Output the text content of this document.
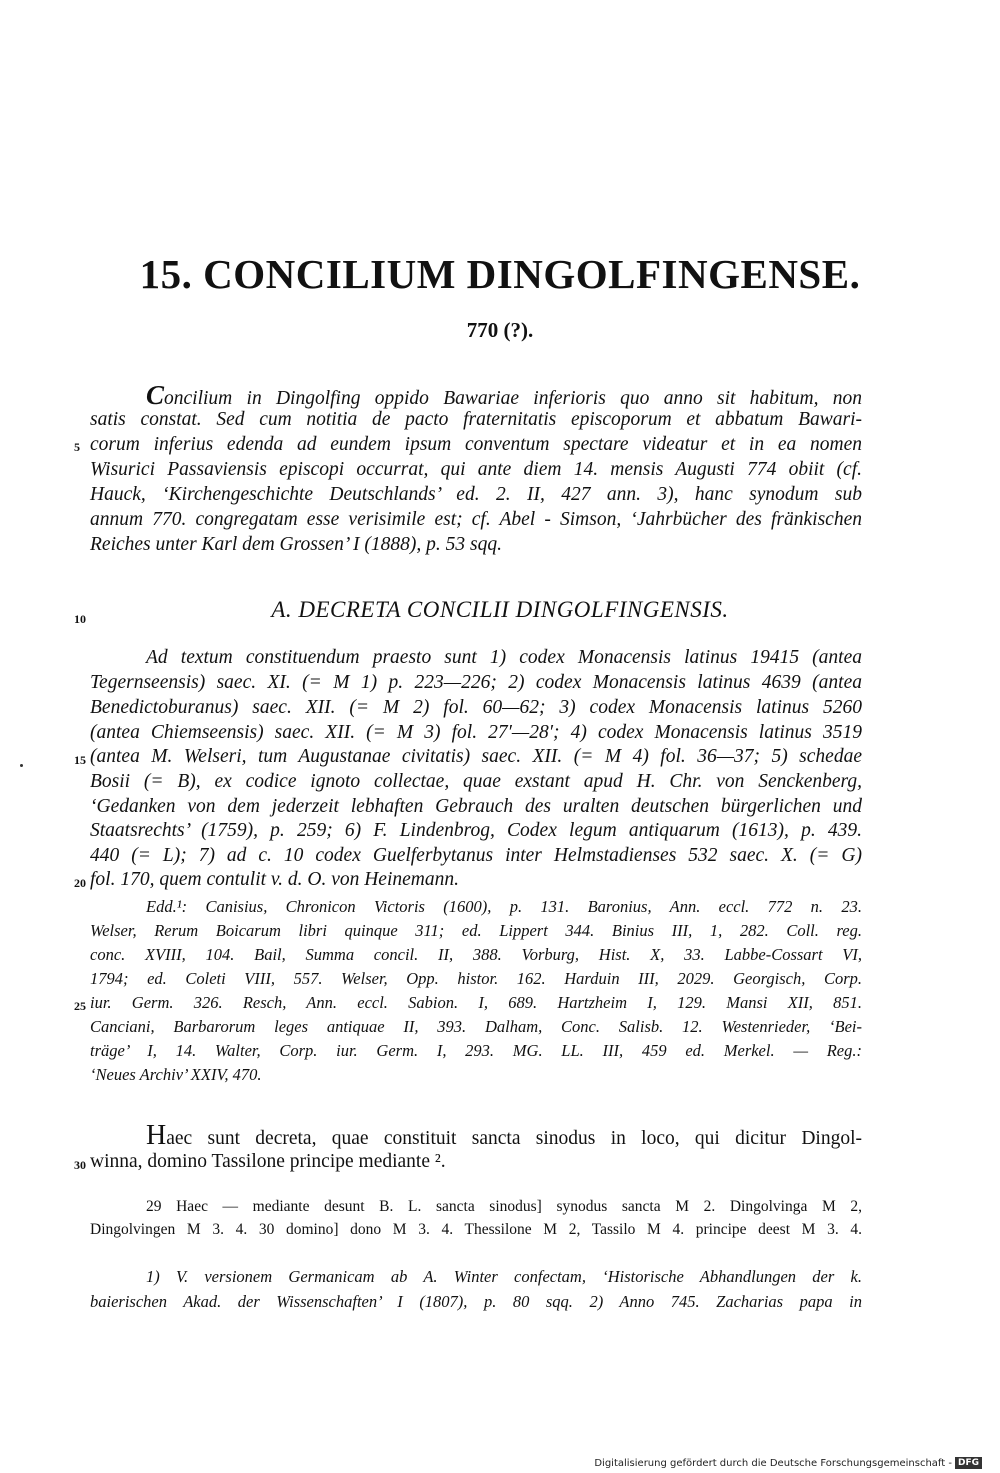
15. CONCILIUM DINGOLFINGENSE.
770 (?).
Concilium in Dingolfing oppido Bawariae inferioris quo anno sit habitum, non
satis constat. Sed cum notitia de pacto fraternitatis episcoporum et abbatum Bawari-
corum inferius edenda ad eundem ipsum conventum spectare videatur et in ea nomen
Wisurici Passaviensis episcopi occurrat, qui ante diem 14. mensis Augusti 774 obiit (cf.
Hauck, ‘Kirchengeschichte Deutschlands’ ed. 2. II, 427 ann. 3), hanc synodum sub
annum 770. congregatam esse verisimile est; cf. Abel - Simson, ‘Jahrbücher des fränkischen
Reiches unter Karl dem Grossen’ I (1888), p. 53 sqq.
5
10	A. DECRETA CONCILII DINGOLFINGENSIS.
Ad textum constituendum praesto sunt 1) codex Monacensis latinus 19415 (antea
Tegernseensis) saec. XI. (= M 1) p. 223—226; 2) codex Monacensis latinus 4639 (antea
Benedictoburanus) saec. XII. (= M 2) fol. 60—62; 3) codex Monacensis latinus 5260
(antea Chiemseensis) saec. XII. (= M 3) fol. 27′—28′; 4) codex Monacensis latinus 3519
(antea M. Welseri, tum Augustanae civitatis) saec. XII. (= M 4) fol. 36—37; 5) schedae
Bosii (= B), ex codice ignoto collectae, quae exstant apud H. Chr. von Senckenberg,
‘Gedanken von dem jederzeit lebhaften Gebrauch des uralten deutschen bürgerlichen und
Staatsrechts’ (1759), p. 259; 6) F. Lindenbrog, Codex legum antiquarum (1613), p. 439.
440 (= L); 7) ad c. 10 codex Guelferbytanus inter Helmstadienses 532 saec. X. (= G)
fol. 170, quem contulit v. d. O. von Heinemann.
15
20
Edd.¹: Canisius, Chronicon Victoris (1600), p. 131. Baronius, Ann. eccl. 772 n. 23.
Welser, Rerum Boicarum libri quinque 311; ed. Lippert 344. Binius III, 1, 282. Coll. reg.
conc. XVIII, 104. Bail, Summa concil. II, 388. Vorburg, Hist. X, 33. Labbe-Cossart VI,
1794; ed. Coleti VIII, 557. Welser, Opp. histor. 162. Harduin III, 2029. Georgisch, Corp.
iur. Germ. 326. Resch, Ann. eccl. Sabion. I, 689. Hartzheim I, 129. Mansi XII, 851.
Canciani, Barbarorum leges antiquae II, 393. Dalham, Conc. Salisb. 12. Westenrieder, ‘Bei-
träge’ I, 14. Walter, Corp. iur. Germ. I, 293. MG. LL. III, 459 ed. Merkel. — Reg.:
‘Neues Archiv’ XXIV, 470.
25
Haec sunt decreta, quae constituit sancta sinodus in loco, qui dicitur Dingol-
winna, domino Tassilone principe mediante ².
30
29 Haec — mediante desunt B. L. sancta sinodus] synodus sancta M 2. Dingolvinga M 2,
Dingolvingen M 3. 4. 30 domino] dono M 3. 4. Thessilone M 2, Tassilo M 4. principe deest M 3. 4.
1) V. versionem Germanicam ab A. Winter confectam, ‘Historische Abhandlungen der k.
baierischen Akad. der Wissenschaften’ I (1807), p. 80 sqq. 2) Anno 745. Zacharias papa in
Digitalisierung gefördert durch die Deutsche Forschungsgemeinschaft - DFG
